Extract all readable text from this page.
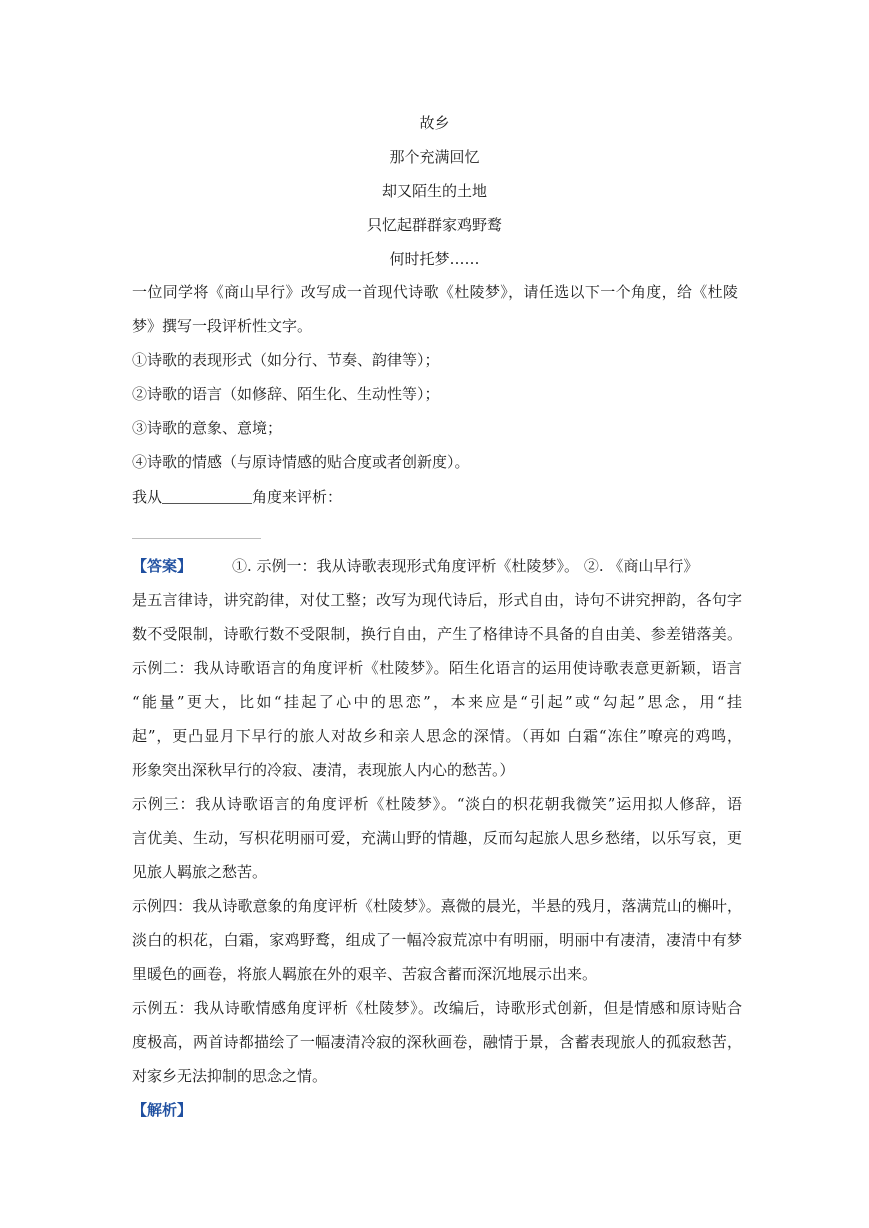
故乡
那个充满回忆
却又陌生的土地
只忆起群群家鸡野鹜
何时托梦……
一位同学将《商山早行》改写成一首现代诗歌《杜陵梦》，请任选以下一个角度，给《杜陵
梦》撰写一段评析性文字。
①诗歌的表现形式（如分行、节奏、韵律等）；
②诗歌的语言（如修辞、陌生化、生动性等）；
③诗歌的意象、意境；
④诗歌的情感（与原诗情感的贴合度或者创新度）。
我从	角度来评析：
【答案】	①. 示例一：我从诗歌表现形式角度评析《杜陵梦》。 ②. 《商山早行》
是五言律诗，讲究韵律，对仗工整；改写为现代诗后，形式自由，诗句不讲究押韵，各句字
数不受限制，诗歌行数不受限制，换行自由，产生了格律诗不具备的自由美、参差错落美。
示例二：我从诗歌语言的角度评析《杜陵梦》。陌生化语言的运用使诗歌表意更新颖，语言
“能量”更大，比如“挂起了心中的思恋”，本来应是“引起”或“勾起”思念，用“挂
起”，更凸显月下早行的旅人对故乡和亲人思念的深情。（再如 白霜“冻住”嘹亮的鸡鸣，
形象突出深秋早行的冷寂、凄清，表现旅人内心的愁苦。）
示例三：我从诗歌语言的角度评析《杜陵梦》。“淡白的枳花朝我微笑”运用拟人修辞，语
言优美、生动，写枳花明丽可爱，充满山野的情趣，反而勾起旅人思乡愁绪，以乐写哀，更
见旅人羁旅之愁苦。
示例四：我从诗歌意象的角度评析《杜陵梦》。熹微的晨光，半悬的残月，落满荒山的槲叶，
淡白的枳花，白霜，家鸡野鹜，组成了一幅冷寂荒凉中有明丽，明丽中有凄清，凄清中有梦
里暖色的画卷，将旅人羁旅在外的艰辛、苦寂含蓄而深沉地展示出来。
示例五：我从诗歌情感角度评析《杜陵梦》。改编后，诗歌形式创新，但是情感和原诗贴合
度极高，两首诗都描绘了一幅凄清冷寂的深秋画卷，融情于景，含蓄表现旅人的孤寂愁苦，
对家乡无法抑制的思念之情。
【解析】
